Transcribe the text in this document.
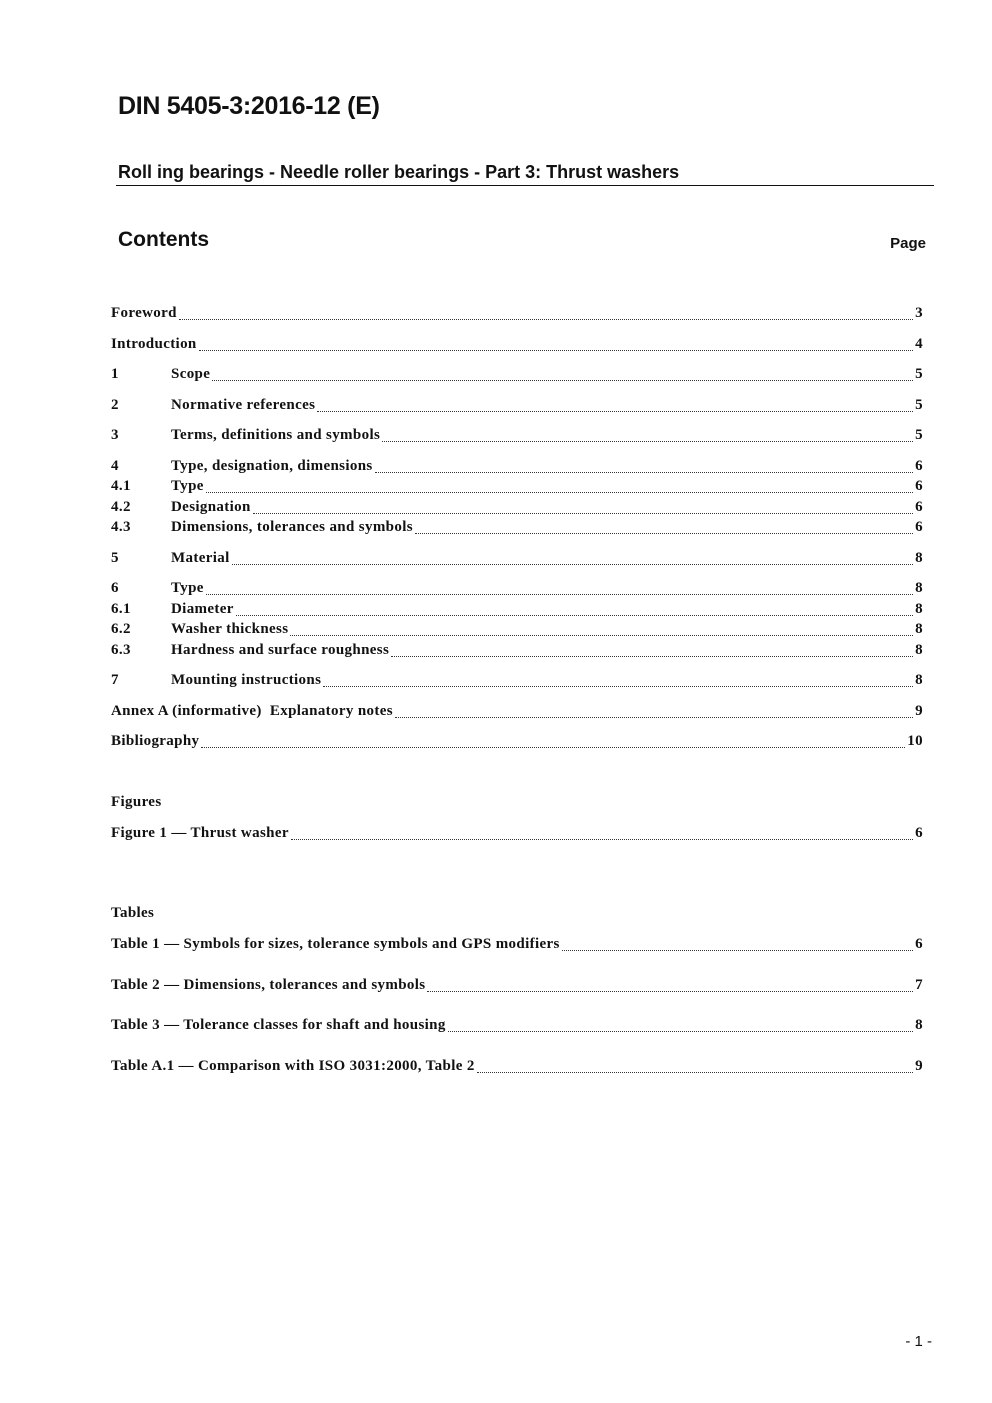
DIN 5405-3:2016-12 (E)
Roll ing bearings - Needle roller bearings - Part 3: Thrust washers
Contents	Page
Foreword	3
Introduction	4
1	Scope	5
2	Normative references	5
3	Terms, definitions and symbols	5
4	Type, designation, dimensions	6
4.1	Type	6
4.2	Designation	6
4.3	Dimensions, tolerances and symbols	6
5	Material	8
6	Type	8
6.1	Diameter	8
6.2	Washer thickness	8
6.3	Hardness and surface roughness	8
7	Mounting instructions	8
Annex A (informative)  Explanatory notes	9
Bibliography	10
Figures
Figure 1 — Thrust washer	6
Tables
Table 1 — Symbols for sizes, tolerance symbols and GPS modifiers	6
Table 2 — Dimensions, tolerances and symbols	7
Table 3 — Tolerance classes for shaft and housing	8
Table A.1 — Comparison with ISO 3031:2000, Table 2	9
- 1 -
